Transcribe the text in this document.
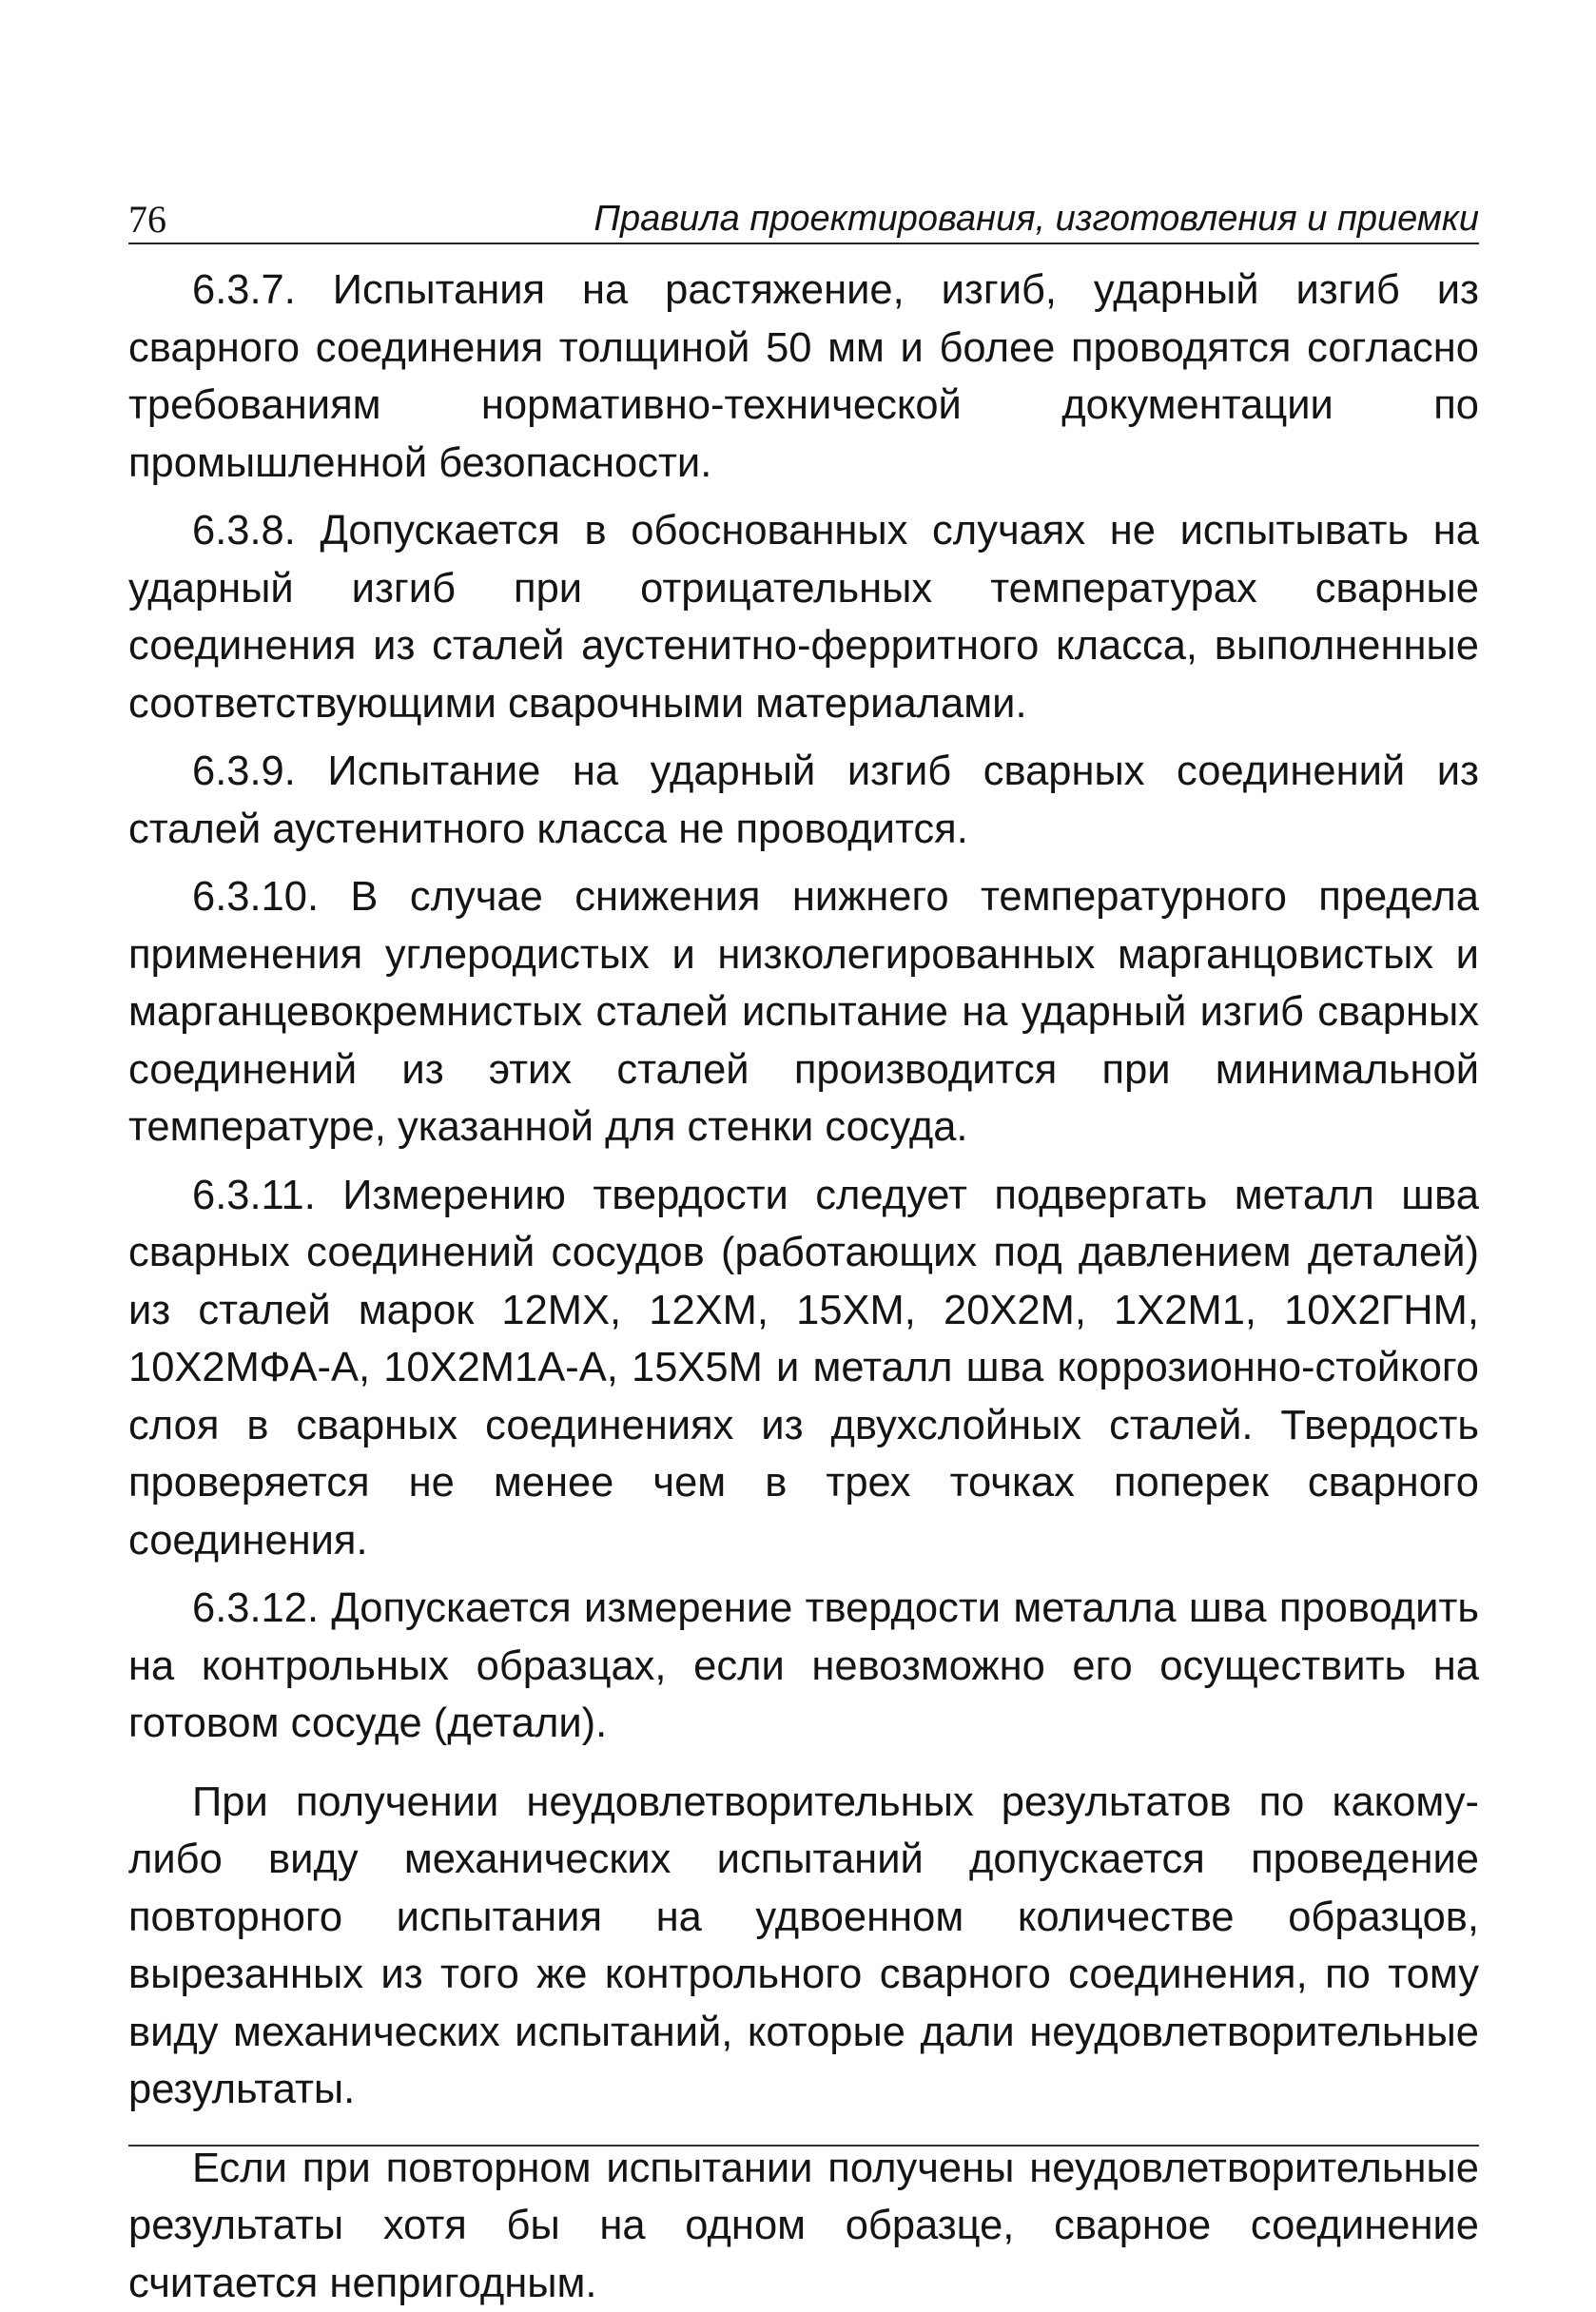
76	Правила проектирования, изготовления и приемки

6.3.7. Испытания на растяжение, изгиб, ударный изгиб из сварного соединения толщиной 50 мм и более проводятся согласно требованиям нормативно-технической документации по промышленной безопасности.

6.3.8. Допускается в обоснованных случаях не испытывать на ударный изгиб при отрицательных температурах сварные соединения из сталей аустенитно-ферритного класса, выполненные соответствующими сварочными материалами.

6.3.9. Испытание на ударный изгиб сварных соединений из сталей аустенитного класса не проводится.

6.3.10. В случае снижения нижнего температурного предела применения углеродистых и низколегированных марганцовистых и марганцевокремнистых сталей испытание на ударный изгиб сварных соединений из этих сталей производится при минимальной температуре, указанной для стенки сосуда.

6.3.11. Измерению твердости следует подвергать металл шва сварных соединений сосудов (работающих под давлением деталей) из сталей марок 12МХ, 12ХМ, 15ХМ, 20Х2М, 1Х2М1, 10Х2ГНМ, 10Х2МФА-А, 10Х2М1А-А, 15Х5М и металл шва коррозионно-стойкого слоя в сварных соединениях из двухслойных сталей. Твердость проверяется не менее чем в трех точках поперек сварного соединения.

6.3.12. Допускается измерение твердости металла шва проводить на контрольных образцах, если невозможно его осуществить на готовом сосуде (детали).

При получении неудовлетворительных результатов по какому-либо виду механических испытаний допускается проведение повторного испытания на удвоенном количестве образцов, вырезанных из того же контрольного сварного соединения, по тому виду механических испытаний, которые дали неудовлетворительные результаты.

Если при повторном испытании получены неудовлетворительные результаты хотя бы на одном образце, сварное соединение считается непригодным.
